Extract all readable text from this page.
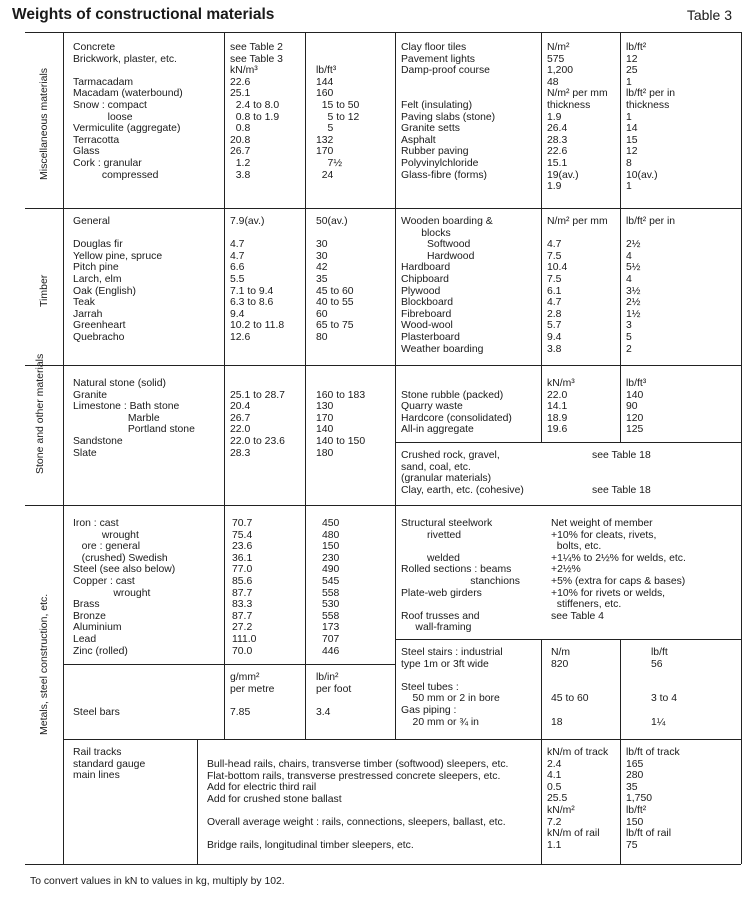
Weights of constructional materials	Table 3
Miscellaneous materials
Timber
Stone and other materials
Metals, steel construction, etc.
Concrete
Brickwork, plaster, etc.

Tarmacadam
Macadam (waterbound)
Snow : compact
loose
Vermiculite (aggregate)
Terracotta
Glass
Cork : granular
compressed
see Table 2
see Table 3
kN/m³
22.6
25.1
2.4 to 8.0
0.8 to 1.9
0.8
20.8
26.7
1.2
3.8

lb/ft³
144
160
15 to 50
5 to 12
5
132
170
7½
24
Clay floor tiles
Pavement lights
Damp-proof course

Felt (insulating)
Paving slabs (stone)
Granite setts
Asphalt
Rubber paving
Polyvinylchloride
Glass-fibre (forms)
N/m²
575
1,200
48
N/m² per mm
thickness
1.9
26.4
28.3
22.6
15.1
19(av.)
1.9
lb/ft²
12
25
1
lb/ft² per in
thickness
1
14
15
12
8
10(av.)
1
General

Douglas fir
Yellow pine, spruce
Pitch pine
Larch, elm
Oak (English)
Teak
Jarrah
Greenheart
Quebracho
7.9(av.)

4.7
4.7
6.6
5.5
7.1 to 9.4
6.3 to 8.6
9.4
10.2 to 11.8
12.6
50(av.)

30
30
42
35
45 to 60
40 to 55
60
65 to 75
80
Wooden boarding &
blocks
Softwood
Hardwood
Hardboard
Chipboard
Plywood
Blockboard
Fibreboard
Wood-wool
Plasterboard
Weather boarding
N/m² per mm

4.7
7.5
10.4
7.5
6.1
4.7
2.8
5.7
9.4
3.8
lb/ft² per in

2½
4
5½
4
3½
2½
1½
3
5
2
Natural stone (solid)
Granite
Limestone : Bath stone
Marble
Portland stone
Sandstone
Slate

25.1 to 28.7
20.4
26.7
22.0
22.0 to 23.6
28.3

160 to 183
130
170
140
140 to 150
180

Stone rubble (packed)
Quarry waste
Hardcore (consolidated)
All-in aggregate
kN/m³
22.0
14.1
18.9
19.6
lb/ft³
140
90
120
125
Crushed rock, gravel,
sand, coal, etc.
(granular materials)
Clay, earth, etc. (cohesive)
see Table 18

see Table 18
Iron : cast
wrought
ore : general
(crushed) Swedish
Steel (see also below)
Copper : cast
wrought
Brass
Bronze
Aluminium
Lead
Zinc (rolled)
70.7
75.4
23.6
36.1
77.0
85.6
87.7
83.3
87.7
27.2
111.0
70.0
450
480
150
230
490
545
558
530
558
173
707
446
Structural steelwork
rivetted

welded
Rolled sections : beams
stanchions
Plate-web girders

Roof trusses and
wall-framing
Net weight of member
+10% for cleats, rivets,
bolts, etc.
+1¼% to 2½% for welds, etc.
+2½%
+5% (extra for caps & bases)
+10% for rivets or welds,
stiffeners, etc.
see Table 4

Steel bars
g/mm²
per metre

7.85
lb/in²
per foot

3.4
Steel stairs : industrial
type 1m or 3ft wide

Steel tubes :
50 mm or 2 in bore
Gas piping :
20 mm or ¾ in
N/m
820

45 to 60

18
lb/ft
56

3 to 4

1¼
Rail tracks
standard gauge
main lines
Bull-head rails, chairs, transverse timber (softwood) sleepers, etc.
Flat-bottom rails, transverse prestressed concrete sleepers, etc.
Add for electric third rail
Add for crushed stone ballast

Overall average weight : rails, connections, sleepers, ballast, etc.

Bridge rails, longitudinal timber sleepers, etc.
kN/m of track
2.4
4.1
0.5
25.5
kN/m²
7.2
kN/m of rail
1.1
lb/ft of track
165
280
35
1,750
lb/ft²
150
lb/ft of rail
75
To convert values in kN to values in kg, multiply by 102.
